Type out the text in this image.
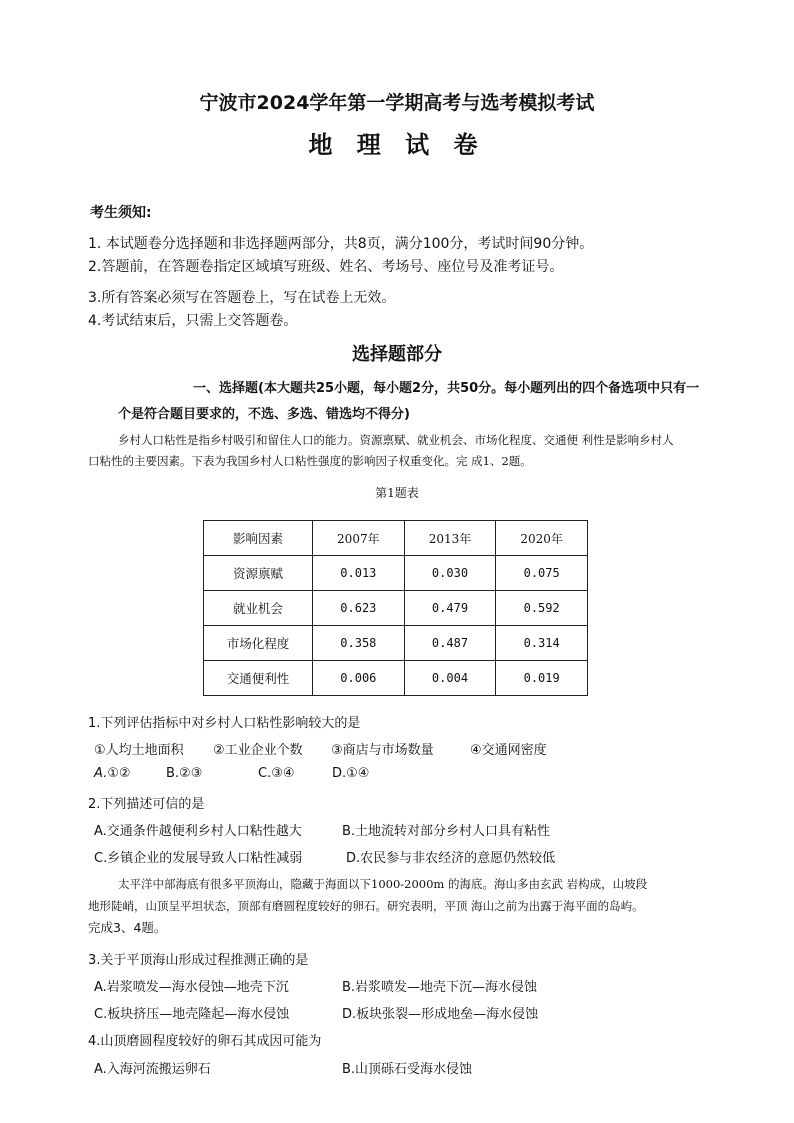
宁波市2024学年第一学期高考与选考模拟考试
地 理 试 卷
考生须知:
1. 本试题卷分选择题和非选择题两部分，共8页，满分100分，考试时间90分钟。
2.答题前，在答题卷指定区域填写班级、姓名、考场号、座位号及准考证号。
3.所有答案必须写在答题卷上，写在试卷上无效。
4.考试结束后，只需上交答题卷。
选择题部分
一、选择题(本大题共25小题，每小题2分，共50分。每小题列出的四个备选项中只有一
个是符合题目要求的，不选、多选、错选均不得分)
乡村人口粘性是指乡村吸引和留住人口的能力。资源禀赋、就业机会、市场化程度、交通便 利性是影响乡村人
口粘性的主要因素。下表为我国乡村人口粘性强度的影响因子权重变化。完 成1、2题。
第1题表
影响因素	2007年	2013年	2020年
资源禀赋	0.013	0.030	0.075
就业机会	0.623	0.479	0.592
市场化程度	0.358	0.487	0.314
交通便利性	0.006	0.004	0.019
1.下列评估指标中对乡村人口粘性影响较大的是
①人均土地面积 ②工业企业个数 ③商店与市场数量	④交通网密度
A.①②	B.②③	C.③④	D.①④
2.下列描述可信的是
A.交通条件越便利乡村人口粘性越大	B.土地流转对部分乡村人口具有粘性
C.乡镇企业的发展导致人口粘性减弱	D.农民参与非农经济的意愿仍然较低
太平洋中部海底有很多平顶海山，隐藏于海面以下1000-2000m 的海底。海山多由玄武 岩构成，山坡段
地形陡峭，山顶呈平坦状态，顶部有磨圆程度较好的卵石。研究表明，平顶 海山之前为出露于海平面的岛屿。
完成3、4题。
3.关于平顶海山形成过程推测正确的是
A.岩浆喷发—海水侵蚀—地壳下沉	B.岩浆喷发—地壳下沉—海水侵蚀
C.板块挤压—地壳隆起—海水侵蚀	D.板块张裂—形成地垒—海水侵蚀
4.山顶磨圆程度较好的卵石其成因可能为
A.入海河流搬运卵石	B.山顶砾石受海水侵蚀
